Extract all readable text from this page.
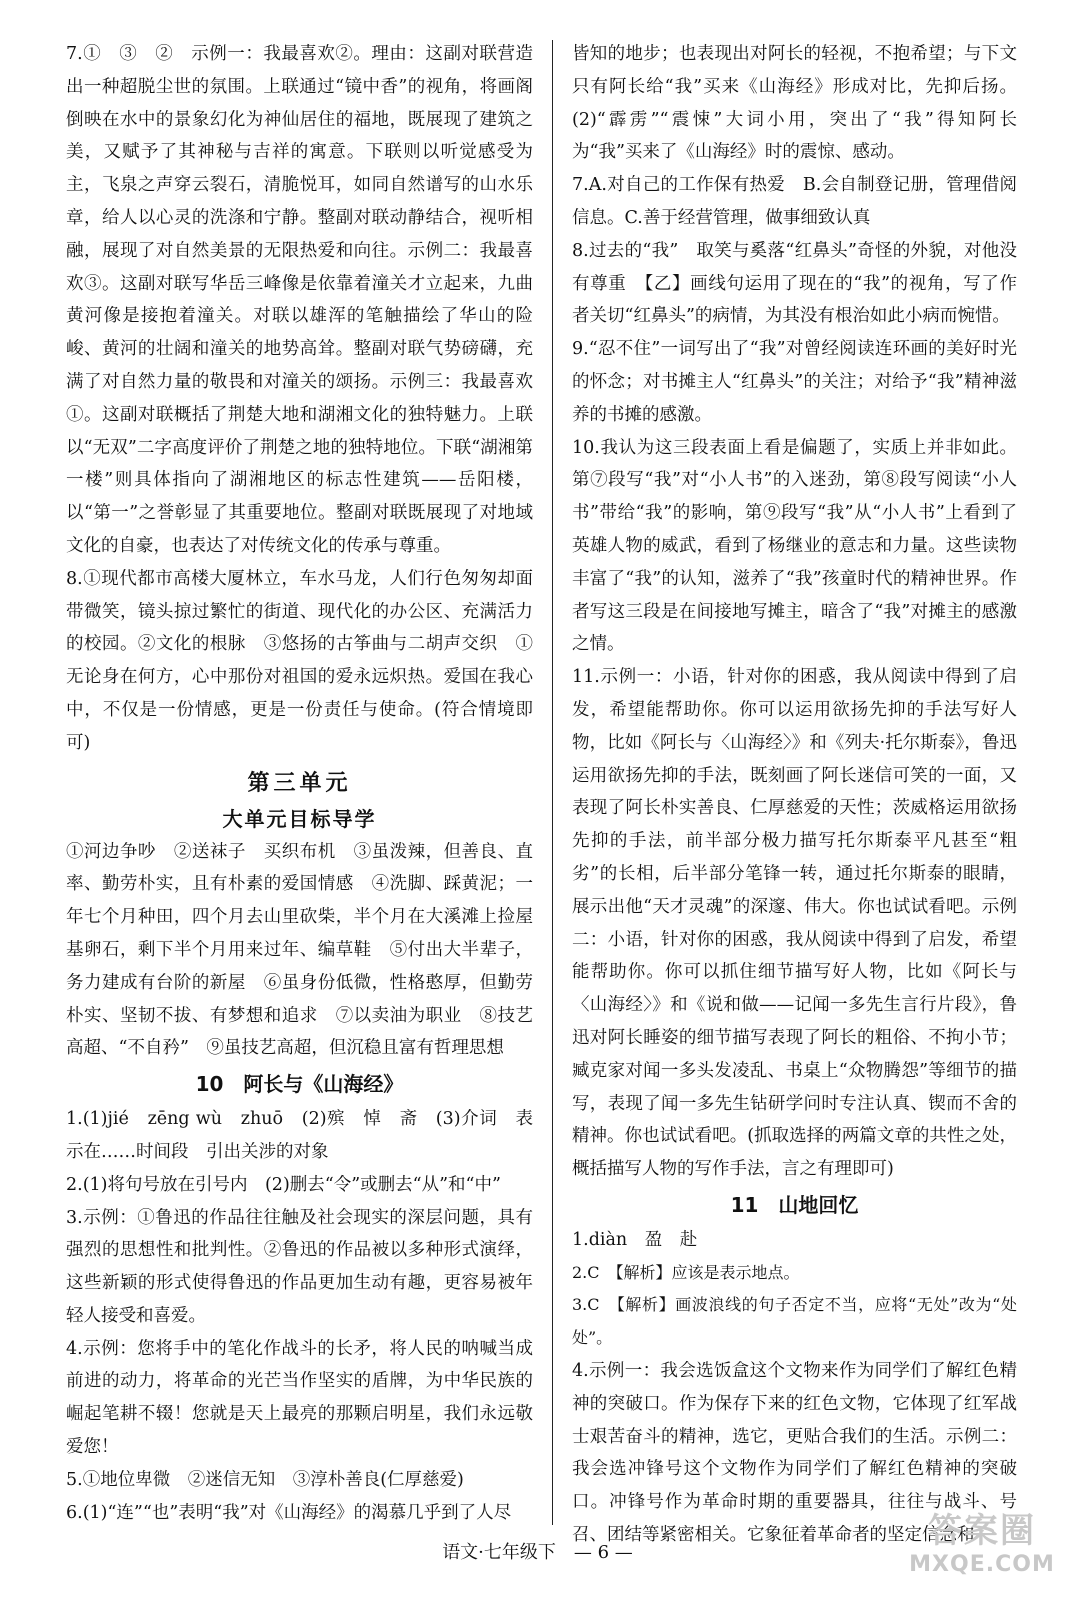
7.①　③　②　示例一：我最喜欢②。理由：这副对联营造出一种超脱尘世的氛围。上联通过“镜中香”的视角，将画阁倒映在水中的景象幻化为神仙居住的福地，既展现了建筑之美，又赋予了其神秘与吉祥的寓意。下联则以听觉感受为主，飞泉之声穿云裂石，清脆悦耳，如同自然谱写的山水乐章，给人以心灵的洗涤和宁静。整副对联动静结合，视听相融，展现了对自然美景的无限热爱和向往。示例二：我最喜欢③。这副对联写华岳三峰像是依靠着潼关才立起来，九曲黄河像是接抱着潼关。对联以雄浑的笔触描绘了华山的险峻、黄河的壮阔和潼关的地势高耸。整副对联气势磅礴，充满了对自然力量的敬畏和对潼关的颂扬。示例三：我最喜欢①。这副对联概括了荆楚大地和湖湘文化的独特魅力。上联以“无双”二字高度评价了荆楚之地的独特地位。下联“湖湘第一楼”则具体指向了湖湘地区的标志性建筑——岳阳楼，以“第一”之誉彰显了其重要地位。整副对联既展现了对地域文化的自豪，也表达了对传统文化的传承与尊重。

8.①现代都市高楼大厦林立，车水马龙，人们行色匆匆却面带微笑，镜头掠过繁忙的街道、现代化的办公区、充满活力的校园。②文化的根脉　③悠扬的古筝曲与二胡声交织　①无论身在何方，心中那份对祖国的爱永远炽热。爱国在我心中，不仅是一份情感，更是一份责任与使命。(符合情境即可)

第三单元
大单元目标导学

①河边争吵　②送袜子　买织布机　③虽泼辣，但善良、直率、勤劳朴实，且有朴素的爱国情感　④洗脚、踩黄泥；一年七个月种田，四个月去山里砍柴，半个月在大溪滩上捡屋基卵石，剩下半个月用来过年、编草鞋　⑤付出大半辈子，务力建成有台阶的新屋　⑥虽身份低微，性格憨厚，但勤劳朴实、坚韧不拔、有梦想和追求　⑦以卖油为职业　⑧技艺高超、“不自矜”　⑨虽技艺高超，但沉稳且富有哲理思想

10　阿长与《山海经》

1.(1)jié　zēng wù　zhuō　(2)殡　悼　斋　(3)介词　表示在……时间段　引出关涉的对象

2.(1)将句号放在引号内　(2)删去“令”或删去“从”和“中”

3.示例：①鲁迅的作品往往触及社会现实的深层问题，具有强烈的思想性和批判性。②鲁迅的作品被以多种形式演绎，这些新颖的形式使得鲁迅的作品更加生动有趣，更容易被年轻人接受和喜爱。

4.示例：您将手中的笔化作战斗的长矛，将人民的呐喊当成前进的动力，将革命的光芒当作坚实的盾牌，为中华民族的崛起笔耕不辍！您就是天上最亮的那颗启明星，我们永远敬爱您！

5.①地位卑微　②迷信无知　③淳朴善良(仁厚慈爱)

6.(1)“连”“也”表明“我”对《山海经》的渴慕几乎到了人尽

皆知的地步；也表现出对阿长的轻视，不抱希望；与下文只有阿长给“我”买来《山海经》形成对比，先抑后扬。(2)“霹雳”“震悚”大词小用，突出了“我”得知阿长为“我”买来了《山海经》时的震惊、感动。

7.A.对自己的工作保有热爱　B.会自制登记册，管理借阅信息。C.善于经营管理，做事细致认真

8.过去的“我”　取笑与奚落“红鼻头”奇怪的外貌，对他没有尊重　【乙】画线句运用了现在的“我”的视角，写了作者关切“红鼻头”的病情，为其没有根治如此小病而惋惜。

9.“忍不住”一词写出了“我”对曾经阅读连环画的美好时光的怀念；对书摊主人“红鼻头”的关注；对给予“我”精神滋养的书摊的感激。

10.我认为这三段表面上看是偏题了，实质上并非如此。第⑦段写“我”对“小人书”的入迷劲，第⑧段写阅读“小人书”带给“我”的影响，第⑨段写“我”从“小人书”上看到了英雄人物的威武，看到了杨继业的意志和力量。这些读物丰富了“我”的认知，滋养了“我”孩童时代的精神世界。作者写这三段是在间接地写摊主，暗含了“我”对摊主的感激之情。

11.示例一：小语，针对你的困惑，我从阅读中得到了启发，希望能帮助你。你可以运用欲扬先抑的手法写好人物，比如《阿长与〈山海经〉》和《列夫·托尔斯泰》，鲁迅运用欲扬先抑的手法，既刻画了阿长迷信可笑的一面，又表现了阿长朴实善良、仁厚慈爱的天性；茨威格运用欲扬先抑的手法，前半部分极力描写托尔斯泰平凡甚至“粗劣”的长相，后半部分笔锋一转，通过托尔斯泰的眼睛，展示出他“天才灵魂”的深邃、伟大。你也试试看吧。示例二：小语，针对你的困惑，我从阅读中得到了启发，希望能帮助你。你可以抓住细节描写好人物，比如《阿长与〈山海经〉》和《说和做——记闻一多先生言行片段》，鲁迅对阿长睡姿的细节描写表现了阿长的粗俗、不拘小节；臧克家对闻一多头发凌乱、书桌上“众物腾怨”等细节的描写，表现了闻一多先生钻研学问时专注认真、锲而不舍的精神。你也试试看吧。(抓取选择的两篇文章的共性之处，概括描写人物的写作手法，言之有理即可)

11　山地回忆

1.diàn　盈　赴

2.C　【解析】应该是表示地点。

3.C　【解析】画波浪线的句子否定不当，应将“无处”改为“处处”。

4.示例一：我会选饭盒这个文物来作为同学们了解红色精神的突破口。作为保存下来的红色文物，它体现了红军战士艰苦奋斗的精神，选它，更贴合我们的生活。示例二：我会选冲锋号这个文物作为同学们了解红色精神的突破口。冲锋号作为革命时期的重要器具，往往与战斗、号召、团结等紧密相关。它象征着革命者的坚定信念和

语文·七年级下　— 6 —
答案圈
MXQE.COM
